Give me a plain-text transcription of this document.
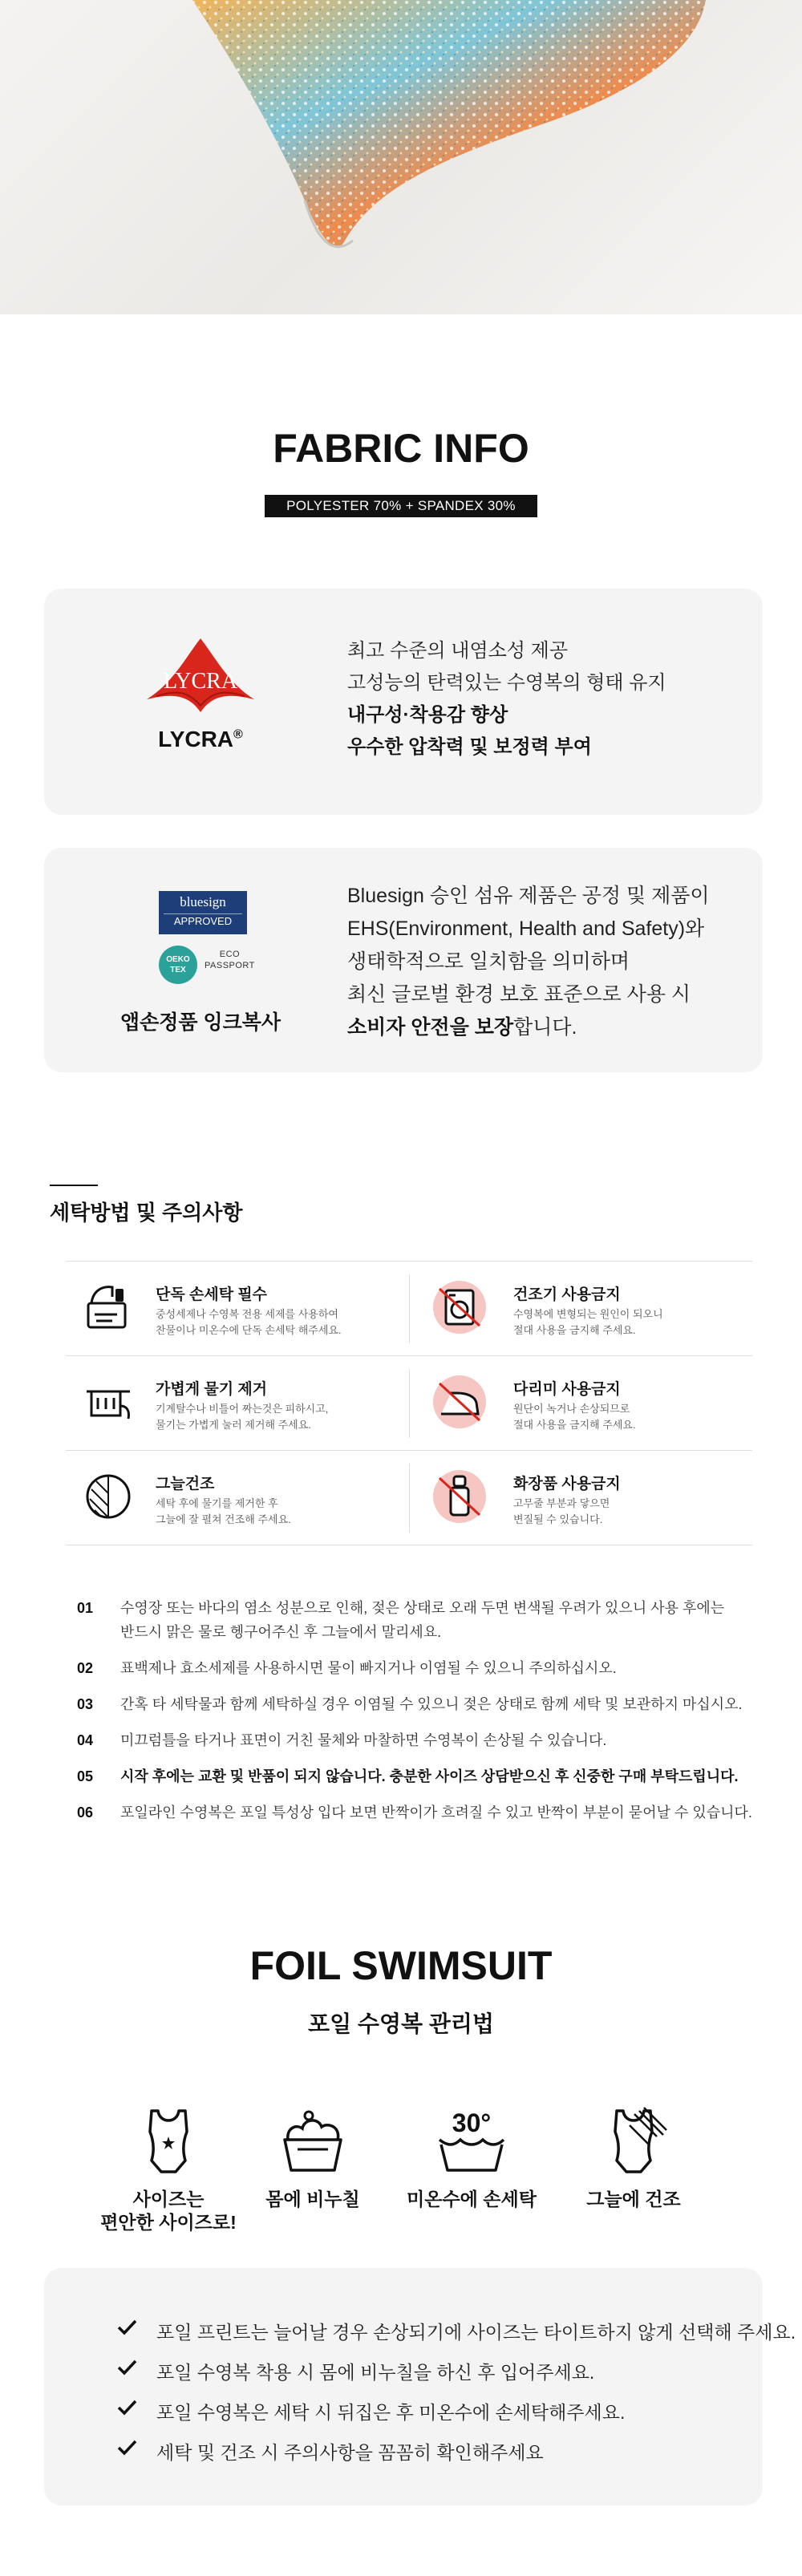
FABRIC INFO
POLYESTER 70% + SPANDEX 30%
LYCRA
LYCRA®
최고 수준의 내염소성 제공
고성능의 탄력있는 수영복의 형태 유지
내구성·착용감 향상
우수한 압착력 및 보정력 부여
bluesign
APPROVED
OEKO TEX
ECO
PASSPORT
앱손정품 잉크복사
Bluesign 승인 섬유 제품은 공정 및 제품이
EHS(Environment, Health and Safety)와
생태학적으로 일치함을 의미하며
최신 글로벌 환경 보호 표준으로 사용 시
소비자 안전을 보장합니다.
세탁방법 및 주의사항
단독 손세탁 필수
중성세제나 수영복 전용 세제를 사용하여
찬물이나 미온수에 단독 손세탁 해주세요.
건조기 사용금지
수영복에 변형되는 원인이 되오니
절대 사용을 금지해 주세요.
가볍게 물기 제거
기계탈수나 비틀어 짜는것은 피하시고,
물기는 가볍게 눌러 제거해 주세요.
다리미 사용금지
원단이 녹거나 손상되므로
절대 사용을 금지해 주세요.
그늘건조
세탁 후에 물기를 제거한 후
그늘에 잘 펼쳐 건조해 주세요.
화장품 사용금지
고무줄 부분과 닿으면
변질될 수 있습니다.
01 수영장 또는 바다의 염소 성분으로 인해, 젖은 상태로 오래 두면 변색될 우려가 있으니 사용 후에는
반드시 맑은 물로 헹구어주신 후 그늘에서 말리세요.
02 표백제나 효소세제를 사용하시면 물이 빠지거나 이염될 수 있으니 주의하십시오.
03 간혹 타 세탁물과 함께 세탁하실 경우 이염될 수 있으니 젖은 상태로 함께 세탁 및 보관하지 마십시오.
04 미끄럼틀을 타거나 표면이 거친 물체와 마찰하면 수영복이 손상될 수 있습니다.
05 시작 후에는 교환 및 반품이 되지 않습니다. 충분한 사이즈 상담받으신 후 신중한 구매 부탁드립니다.
06 포일라인 수영복은 포일 특성상 입다 보면 반짝이가 흐려질 수 있고 반짝이 부분이 묻어날 수 있습니다.
FOIL SWIMSUIT
포일 수영복 관리법
사이즈는
편안한 사이즈로!
몸에 비누칠
30°
미온수에 손세탁	그늘에 건조
포일 프린트는 늘어날 경우 손상되기에 사이즈는 타이트하지 않게 선택해 주세요.
포일 수영복 착용 시 몸에 비누칠을 하신 후 입어주세요.
포일 수영복은 세탁 시 뒤집은 후 미온수에 손세탁해주세요.
세탁 및 건조 시 주의사항을 꼼꼼히 확인해주세요
